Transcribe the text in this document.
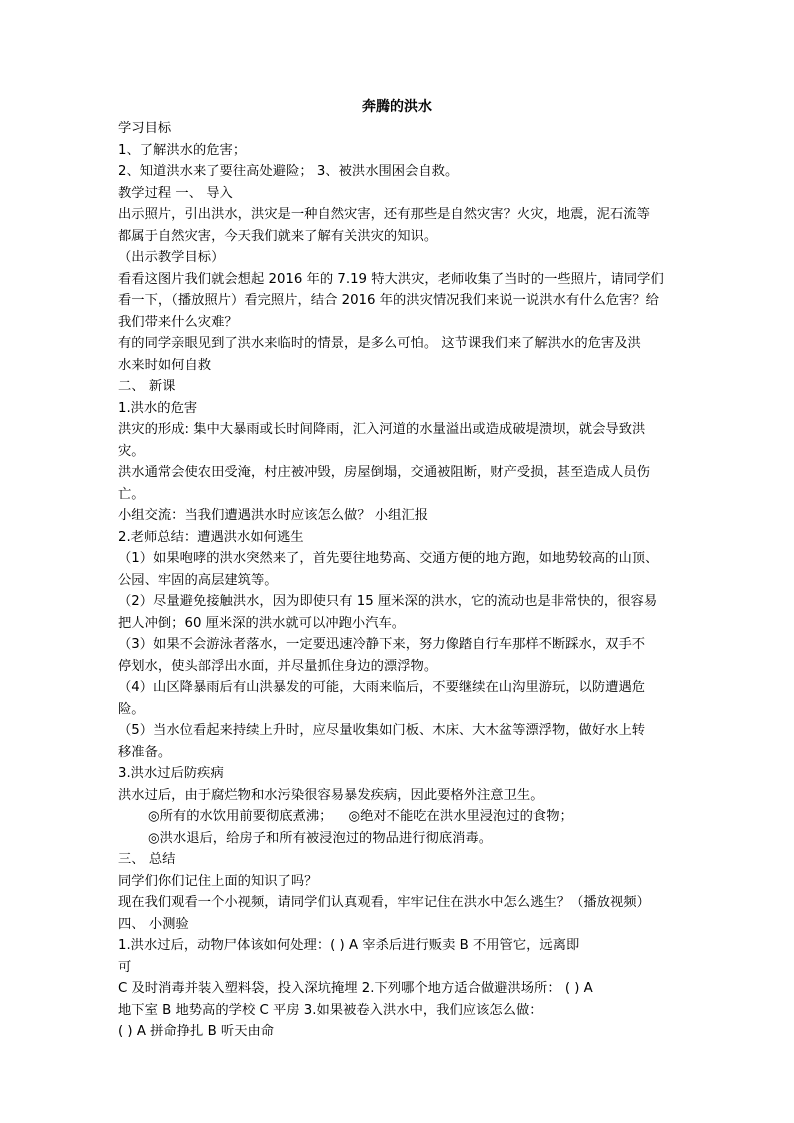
奔腾的洪水
学习目标
1、了解洪水的危害；
2、知道洪水来了要往高处避险； 3、被洪水围困会自救。
教学过程 一、 导入
出示照片，引出洪水，洪灾是一种自然灾害，还有那些是自然灾害？火灾，地震，泥石流等
都属于自然灾害，今天我们就来了解有关洪灾的知识。
（出示教学目标）
看看这图片我们就会想起 2016 年的 7.19 特大洪灾，老师收集了当时的一些照片，请同学们
看一下，（播放照片）看完照片，结合 2016 年的洪灾情况我们来说一说洪水有什么危害？给
我们带来什么灾难？
有的同学亲眼见到了洪水来临时的情景，是多么可怕。 这节课我们来了解洪水的危害及洪
水来时如何自救
二、 新课
1.洪水的危害
洪灾的形成: 集中大暴雨或长时间降雨，汇入河道的水量溢出或造成破堤溃坝，就会导致洪
灾。
洪水通常会使农田受淹，村庄被冲毁，房屋倒塌，交通被阻断，财产受损，甚至造成人员伤
亡。
小组交流：当我们遭遇洪水时应该怎么做？ 小组汇报
2.老师总结：遭遇洪水如何逃生
（1）如果咆哮的洪水突然来了，首先要往地势高、交通方便的地方跑，如地势较高的山顶、
公园、牢固的高层建筑等。
（2）尽量避免接触洪水，因为即使只有 15 厘米深的洪水，它的流动也是非常快的，很容易
把人冲倒；60 厘米深的洪水就可以冲跑小汽车。
（3）如果不会游泳者落水，一定要迅速冷静下来，努力像踏自行车那样不断踩水，双手不
停划水，使头部浮出水面，并尽量抓住身边的漂浮物。
（4）山区降暴雨后有山洪暴发的可能，大雨来临后，不要继续在山沟里游玩，以防遭遇危
险。
（5）当水位看起来持续上升时，应尽量收集如门板、木床、大木盆等漂浮物，做好水上转
移准备。
3.洪水过后防疾病
洪水过后，由于腐烂物和水污染很容易暴发疾病，因此要格外注意卫生。
◎所有的水饮用前要彻底煮沸； ◎绝对不能吃在洪水里浸泡过的食物；
◎洪水退后，给房子和所有被浸泡过的物品进行彻底消毒。
三、 总结
同学们你们记住上面的知识了吗？
现在我们观看一个小视频，请同学们认真观看，牢牢记住在洪水中怎么逃生？（播放视频）
四、 小测验
1.洪水过后，动物尸体该如何处理：( ) A 宰杀后进行贩卖 B 不用管它，远离即
可
C 及时消毒并装入塑料袋，投入深坑掩埋 2.下列哪个地方适合做避洪场所： ( ) A
地下室 B 地势高的学校 C 平房 3.如果被卷入洪水中，我们应该怎么做：
( ) A 拼命挣扎 B 听天由命
